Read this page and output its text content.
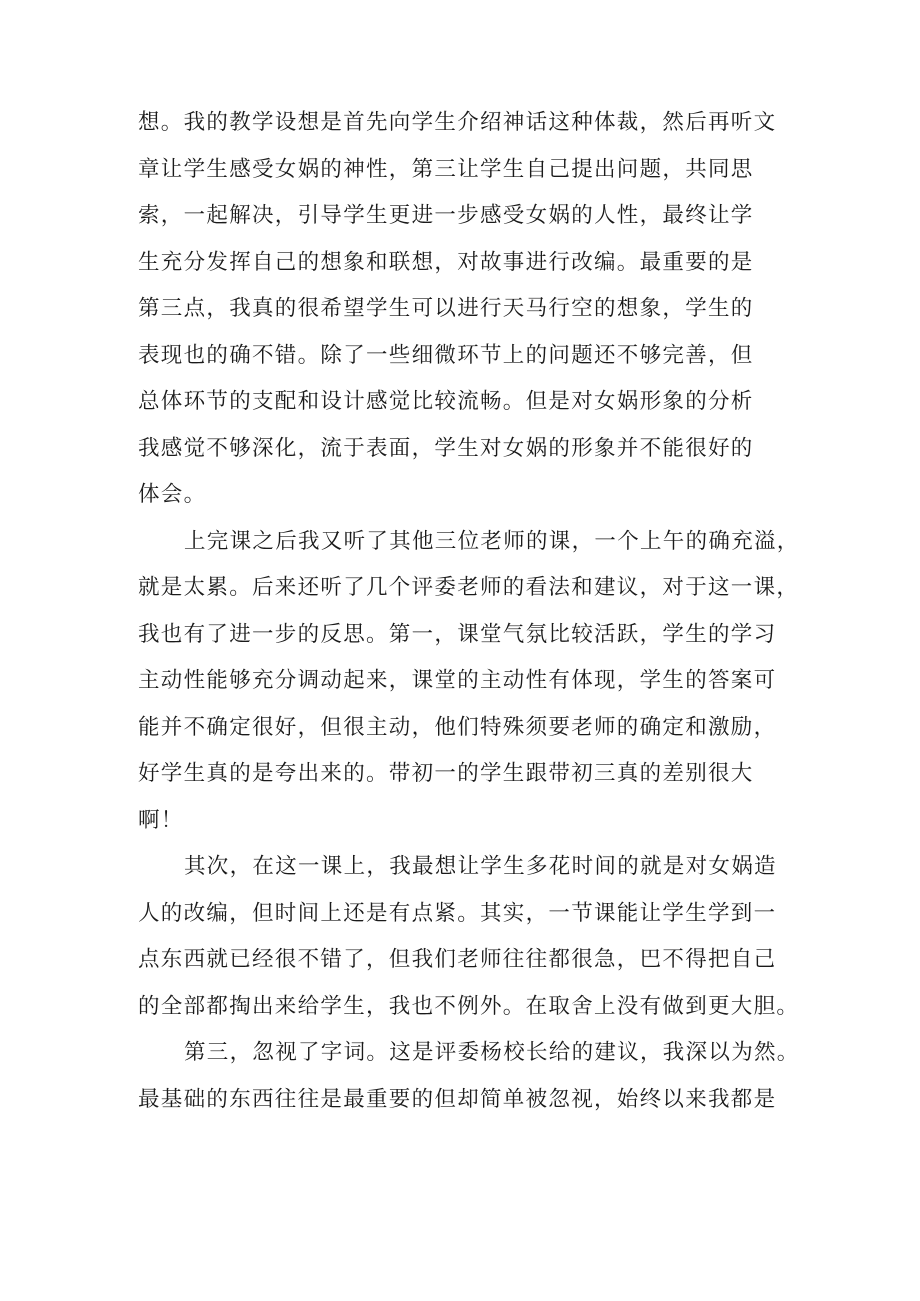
想。我的教学设想是首先向学生介绍神话这种体裁，然后再听文
章让学生感受女娲的神性，第三让学生自己提出问题，共同思
索，一起解决，引导学生更进一步感受女娲的人性，最终让学
生充分发挥自己的想象和联想，对故事进行改编。最重要的是
第三点，我真的很希望学生可以进行天马行空的想象，学生的
表现也的确不错。除了一些细微环节上的问题还不够完善，但
总体环节的支配和设计感觉比较流畅。但是对女娲形象的分析
我感觉不够深化，流于表面，学生对女娲的形象并不能很好的
体会。
上完课之后我又听了其他三位老师的课，一个上午的确充溢，
就是太累。后来还听了几个评委老师的看法和建议，对于这一课，
我也有了进一步的反思。第一，课堂气氛比较活跃，学生的学习
主动性能够充分调动起来，课堂的主动性有体现，学生的答案可
能并不确定很好，但很主动，他们特殊须要老师的确定和激励，
好学生真的是夸出来的。带初一的学生跟带初三真的差别很大
啊！
其次，在这一课上，我最想让学生多花时间的就是对女娲造
人的改编，但时间上还是有点紧。其实，一节课能让学生学到一
点东西就已经很不错了，但我们老师往往都很急，巴不得把自己
的全部都掏出来给学生，我也不例外。在取舍上没有做到更大胆。
第三，忽视了字词。这是评委杨校长给的建议，我深以为然。
最基础的东西往往是最重要的但却简单被忽视，始终以来我都是
